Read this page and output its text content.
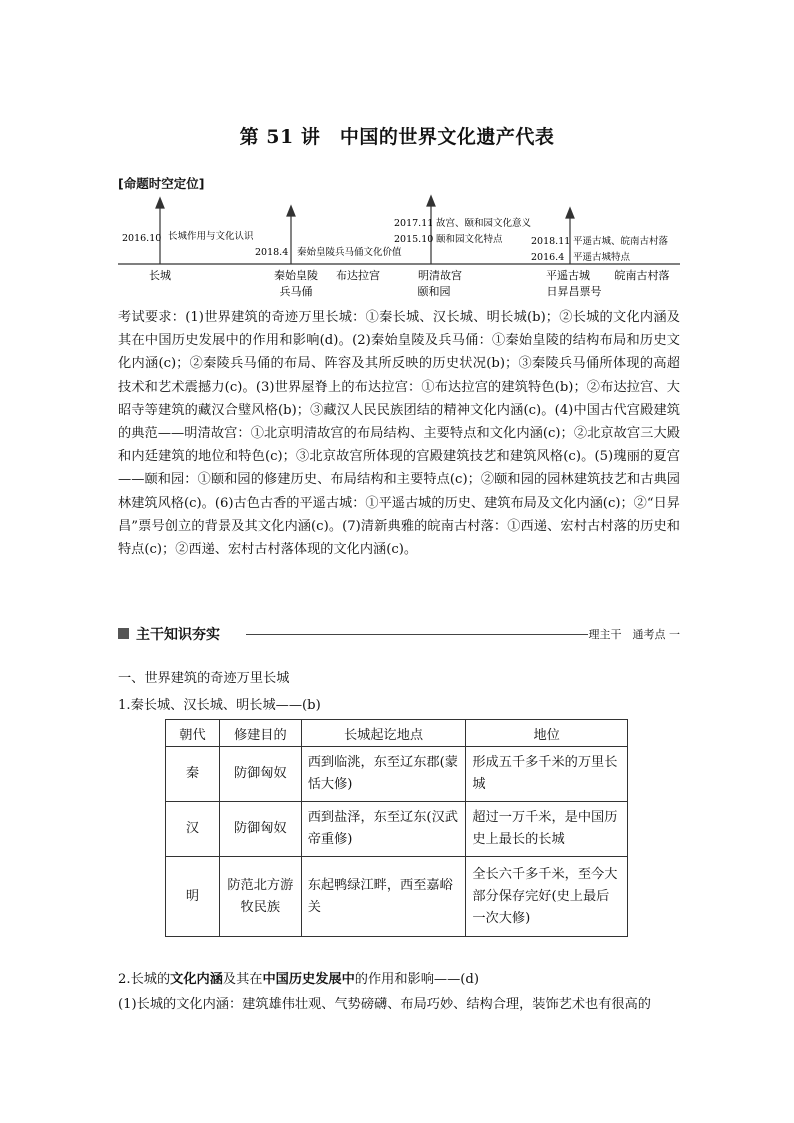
第 51 讲　中国的世界文化遗产代表
[命题时空定位]
2016.10 长城作用与文化认识
2018.4 秦始皇陵兵马俑文化价值
2017.11 故宫、颐和园文化意义
2015.10 颐和园文化特点	2018.11 平遥古城、皖南古村落
2016.4 平遥古城特点
长城	秦始皇陵
兵马俑
布达拉宫	明清故宫
颐和园
平遥古城
日昇昌票号
皖南古村落
考试要求：(1)世界建筑的奇迹万里长城：①秦长城、汉长城、明长城(b)；②长城的文化内涵及其在中国历史发展中的作用和影响(d)。(2)秦始皇陵及兵马俑：①秦始皇陵的结构布局和历史文化内涵(c)；②秦陵兵马俑的布局、阵容及其所反映的历史状况(b)；③秦陵兵马俑所体现的高超技术和艺术震撼力(c)。(3)世界屋脊上的布达拉宫：①布达拉宫的建筑特色(b)；②布达拉宫、大昭寺等建筑的藏汉合璧风格(b)；③藏汉人民民族团结的精神文化内涵(c)。(4)中国古代宫殿建筑的典范——明清故宫：①北京明清故宫的布局结构、主要特点和文化内涵(c)；②北京故宫三大殿和内廷建筑的地位和特色(c)；③北京故宫所体现的宫殿建筑技艺和建筑风格(c)。(5)瑰丽的夏宫——颐和园：①颐和园的修建历史、布局结构和主要特点(c)；②颐和园的园林建筑技艺和古典园林建筑风格(c)。(6)古色古香的平遥古城：①平遥古城的历史、建筑布局及文化内涵(c)；②“日昇昌”票号创立的背景及其文化内涵(c)。(7)清新典雅的皖南古村落：①西递、宏村古村落的历史和特点(c)；②西递、宏村古村落体现的文化内涵(c)。
主干知识夯实	理主干　通考点 一
一、世界建筑的奇迹万里长城
1.秦长城、汉长城、明长城——(b)
朝代	修建目的	长城起讫地点	地位
秦	防御匈奴	西到临洮，东至辽东郡(蒙恬大修)	形成五千多千米的万里长城
汉	防御匈奴	西到盐泽，东至辽东(汉武帝重修)	超过一万千米，是中国历史上最长的长城
明	防范北方游牧民族	东起鸭绿江畔，西至嘉峪关	全长六千多千米，至今大部分保存完好(史上最后一次大修)
2.长城的文化内涵及其在中国历史发展中的作用和影响——(d)
(1)长城的文化内涵：建筑雄伟壮观、气势磅礴、布局巧妙、结构合理，装饰艺术也有很高的
